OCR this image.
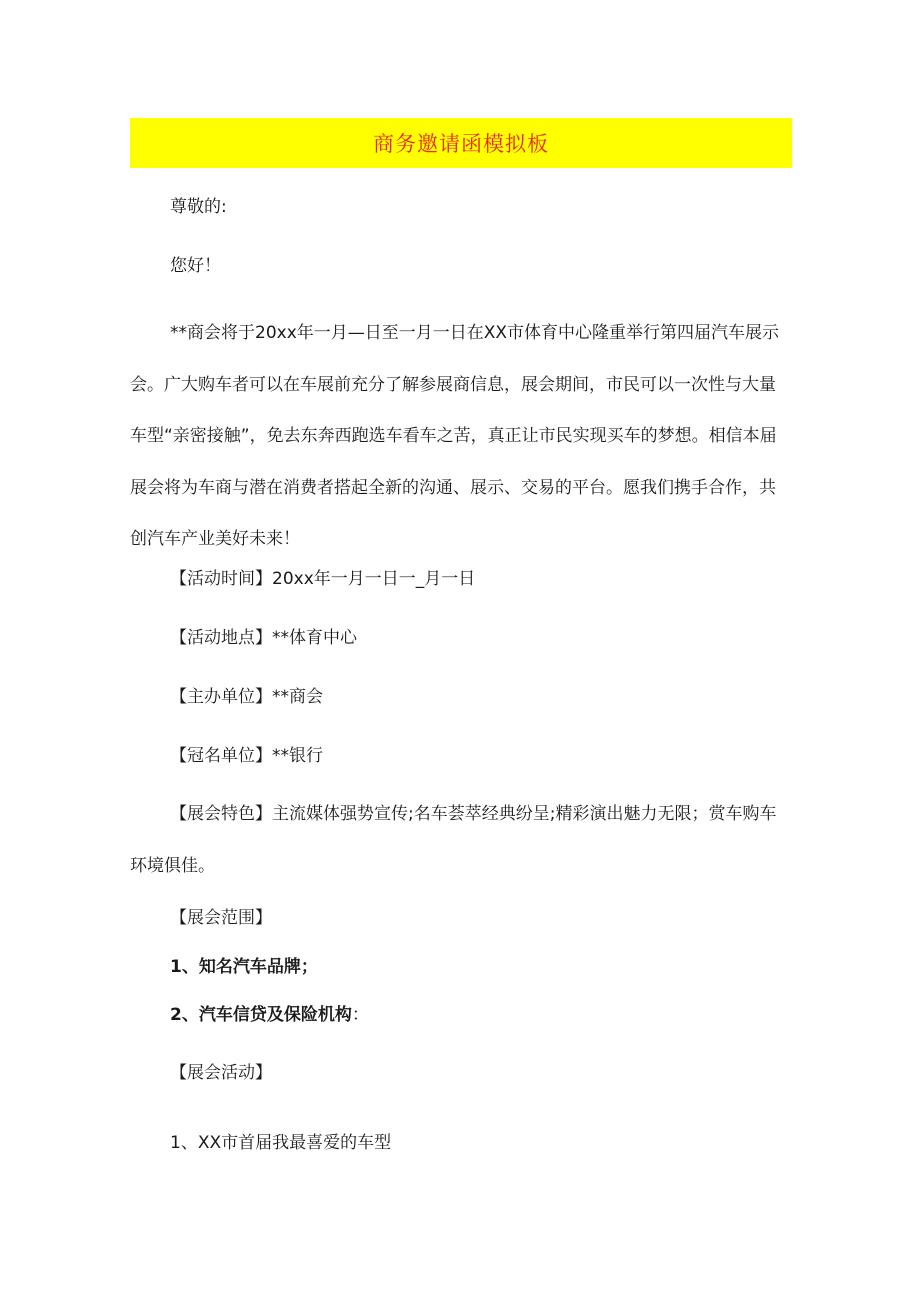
商务邀请函模拟板
尊敬的:
您好！

**商会将于20xx年一月—日至一月一日在XX市体育中心隆重举行第四届汽车展示会。广大购车者可以在车展前充分了解参展商信息，展会期间，市民可以一次性与大量车型“亲密接触”，免去东奔西跑选车看车之苦，真正让市民实现买车的梦想。相信本届展会将为车商与潜在消费者搭起全新的沟通、展示、交易的平台。愿我们携手合作，共创汽车产业美好未来！

【活动时间】20xx年一月一日一_月一日
【活动地点】**体育中心
【主办单位】**商会
【冠名单位】**银行

【展会特色】主流媒体强势宣传;名车荟萃经典纷呈;精彩演出魅力无限；赏车购车环境俱佳。

【展会范围】
1、知名汽车品牌；
2、汽车信贷及保险机构：
【展会活动】
1、XX市首届我最喜爱的车型
